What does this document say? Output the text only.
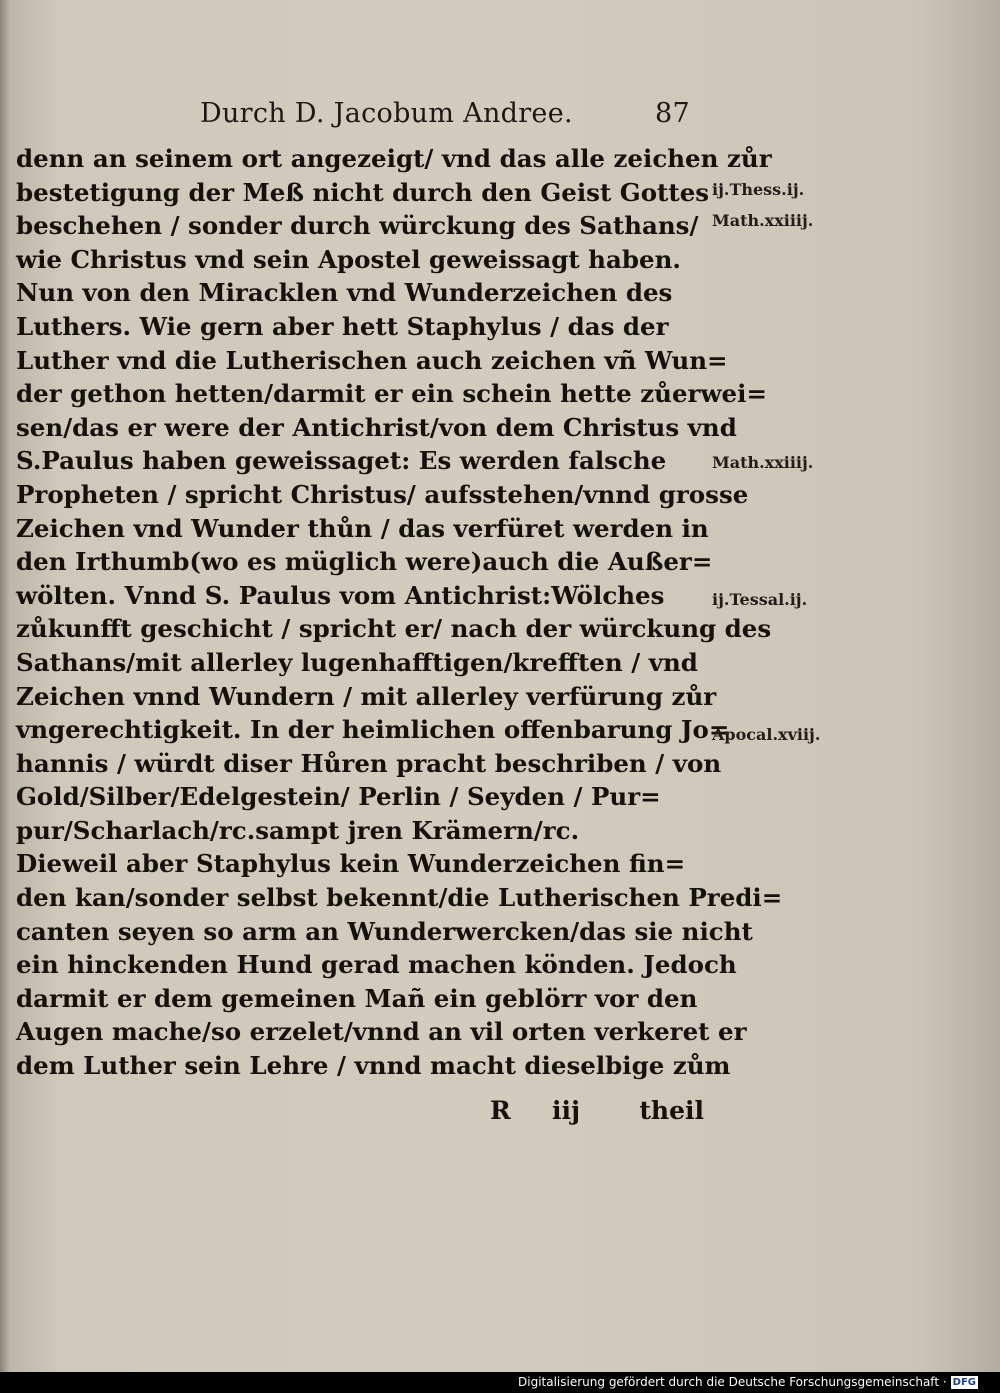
Durch D. Jacobum Andree.	87
denn an seinem ort angezeigt/ vnd das alle zeichen zůr
bestetigung der Meß nicht durch den Geist Gottes
beschehen / sonder durch würckung des Sathans/
wie Christus vnd sein Apostel geweissagt haben.
Nun von den Miracklen vnd Wunderzeichen des
Luthers. Wie gern aber hett Staphylus / das der
Luther vnd die Lutherischen auch zeichen vñ Wun=
der gethon hetten/darmit er ein schein hette zůerwei=
sen/das er were der Antichrist/von dem Christus vnd
S.Paulus haben geweissaget: Es werden falsche
Propheten / spricht Christus/ aufsstehen/vnnd grosse
Zeichen vnd Wunder thůn / das verfüret werden in
den Irthumb(wo es müglich were)auch die Außer=
wölten. Vnnd S. Paulus vom Antichrist:Wölches
zůkunfft geschicht / spricht er/ nach der würckung des
Sathans/mit allerley lugenhafftigen/krefften / vnd
Zeichen vnnd Wundern / mit allerley verfürung zůr
vngerechtigkeit. In der heimlichen offenbarung Jo=
hannis / würdt diser Hůren pracht beschriben / von
Gold/Silber/Edelgestein/ Perlin / Seyden / Pur=
pur/Scharlach/rc.sampt jren Krämern/rc.
Dieweil aber Staphylus kein Wunderzeichen fin=
den kan/sonder selbst bekennt/die Lutherischen Predi=
canten seyen so arm an Wunderwercken/das sie nicht
ein hinckenden Hund gerad machen könden. Jedoch
darmit er dem gemeinen Mañ ein geblörr vor den
Augen mache/so erzelet/vnnd an vil orten verkeret er
dem Luther sein Lehre / vnnd macht dieselbige zům
ij.Thess.ij.
Math.xxiiij.
Math.xxiiij.
ij.Tessal.ij.
Apocal.xviij.
R iij theil
Digitalisierung gefördert durch die Deutsche Forschungsgemeinschaft · DFG
